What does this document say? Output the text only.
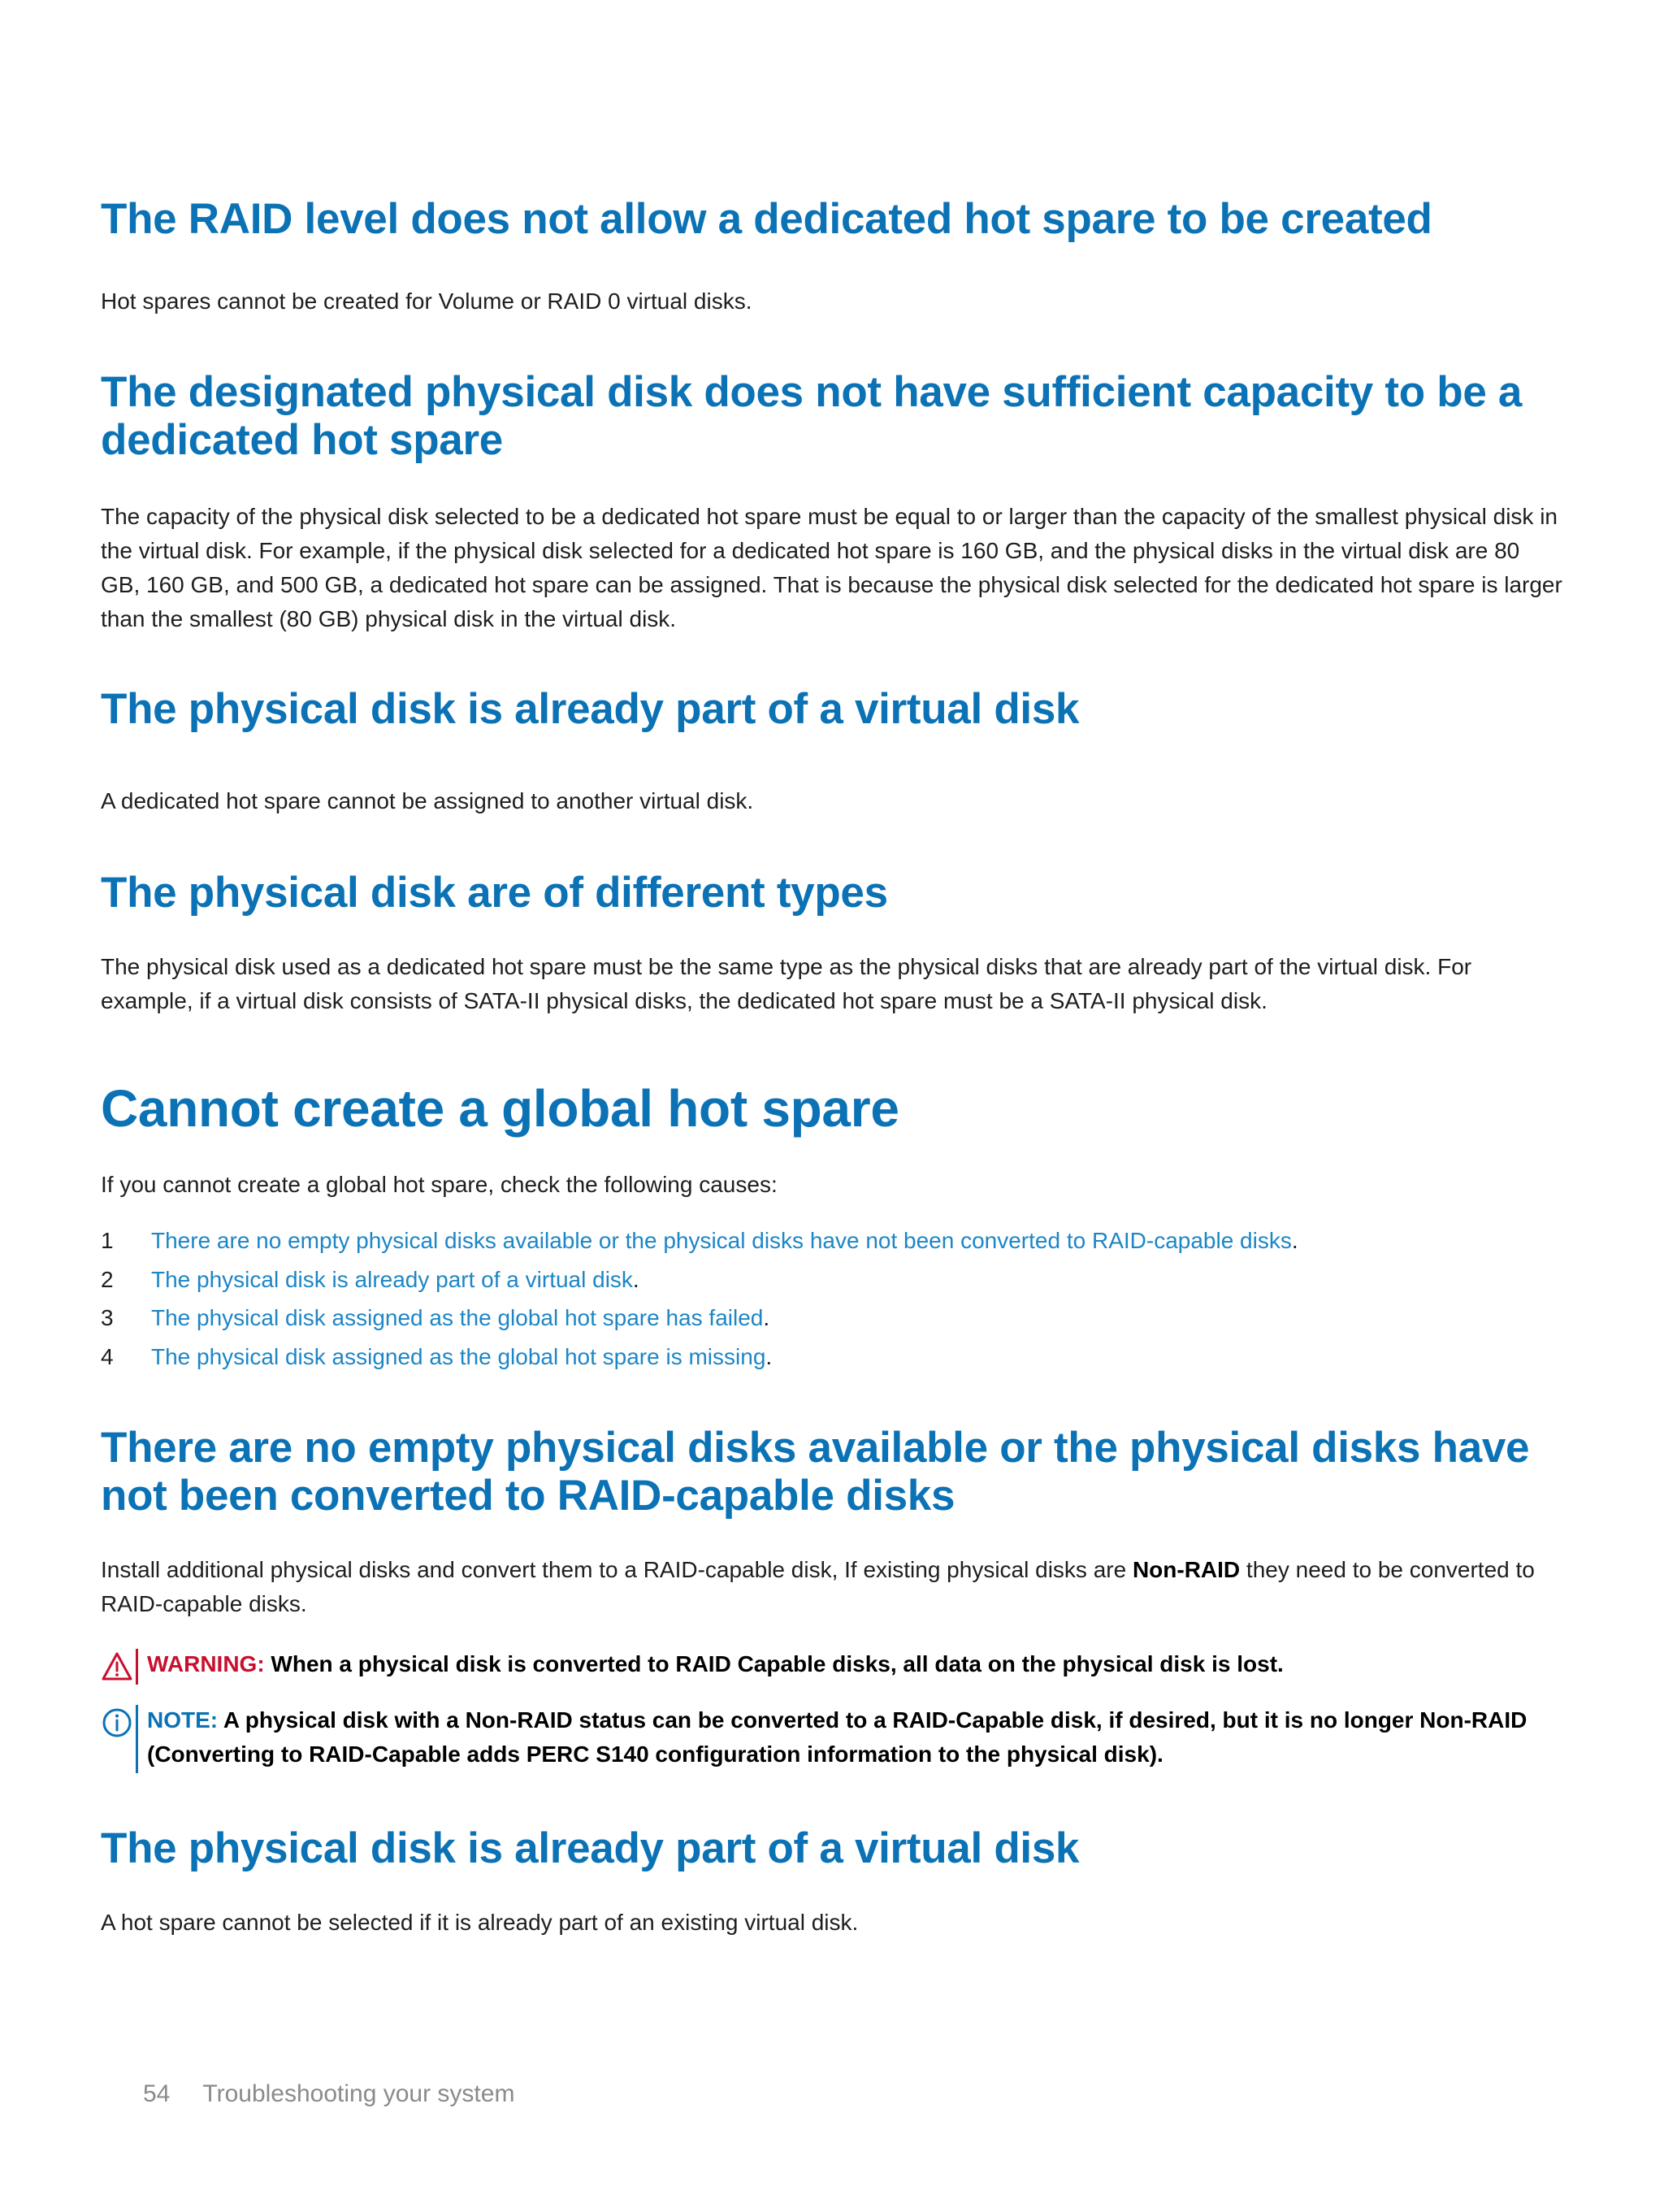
The RAID level does not allow a dedicated hot spare to be created

Hot spares cannot be created for Volume or RAID 0 virtual disks.

The designated physical disk does not have sufficient capacity to be a dedicated hot spare

The capacity of the physical disk selected to be a dedicated hot spare must be equal to or larger than the capacity of the smallest physical disk in the virtual disk. For example, if the physical disk selected for a dedicated hot spare is 160 GB, and the physical disks in the virtual disk are 80 GB, 160 GB, and 500 GB, a dedicated hot spare can be assigned. That is because the physical disk selected for the dedicated hot spare is larger than the smallest (80 GB) physical disk in the virtual disk.

The physical disk is already part of a virtual disk

A dedicated hot spare cannot be assigned to another virtual disk.

The physical disk are of different types

The physical disk used as a dedicated hot spare must be the same type as the physical disks that are already part of the virtual disk. For example, if a virtual disk consists of SATA-II physical disks, the dedicated hot spare must be a SATA-II physical disk.

Cannot create a global hot spare

If you cannot create a global hot spare, check the following causes:

1 There are no empty physical disks available or the physical disks have not been converted to RAID-capable disks.
2 The physical disk is already part of a virtual disk.
3 The physical disk assigned as the global hot spare has failed.
4 The physical disk assigned as the global hot spare is missing.
There are no empty physical disks available or the physical disks have not been converted to RAID-capable disks

Install additional physical disks and convert them to a RAID-capable disk, If existing physical disks are Non-RAID they need to be converted to RAID-capable disks.

WARNING: When a physical disk is converted to RAID Capable disks, all data on the physical disk is lost.
NOTE: A physical disk with a Non-RAID status can be converted to a RAID-Capable disk, if desired, but it is no longer Non-RAID (Converting to RAID-Capable adds PERC S140 configuration information to the physical disk).
The physical disk is already part of a virtual disk

A hot spare cannot be selected if it is already part of an existing virtual disk.

54 Troubleshooting your system
